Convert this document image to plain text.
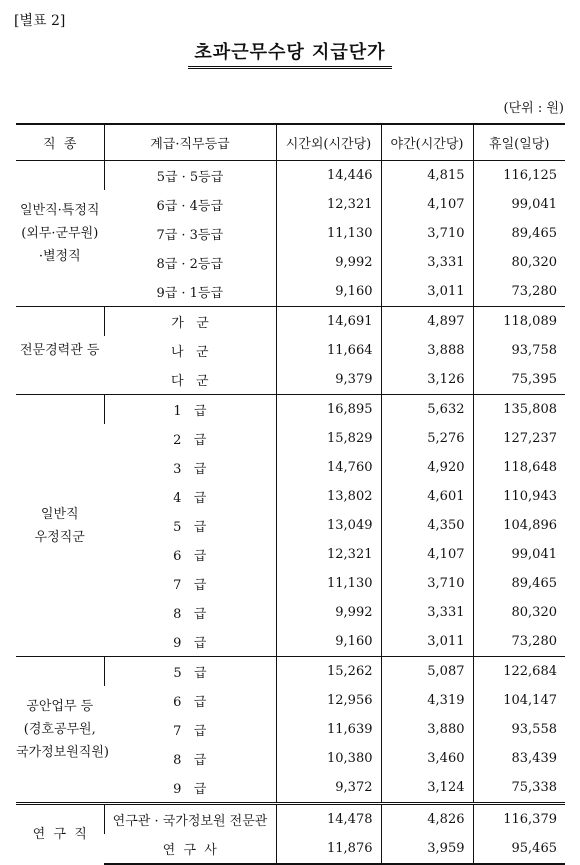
[별표 2]
초과근무수당 지급단가
(단위 : 원)
직  종	계급·직무등급	시간외(시간당)	야간(시간당)	휴일(일당)

일반직·특정직
(외무·군무원)
·별정직	5급 · 5등급	14,446	4,815	116,125
	6급 · 4등급	12,321	4,107	99,041
	7급 · 3등급	11,130	3,710	89,465
	8급 · 2등급	9,992	3,331	80,320
	9급 · 1등급	9,160	3,011	73,280

전문경력관 등	가   군	14,691	4,897	118,089
	나   군	11,664	3,888	93,758
	다   군	9,379	3,126	75,395

일반직
우정직군	1   급	16,895	5,632	135,808
	2   급	15,829	5,276	127,237
	3   급	14,760	4,920	118,648
	4   급	13,802	4,601	110,943
	5   급	13,049	4,350	104,896
	6   급	12,321	4,107	99,041
	7   급	11,130	3,710	89,465
	8   급	9,992	3,331	80,320
	9   급	9,160	3,011	73,280

공안업무 등
(경호공무원,
국가정보원직원)	5   급	15,262	5,087	122,684
	6   급	12,956	4,319	104,147
	7   급	11,639	3,880	93,558
	8   급	10,380	3,460	83,439
	9   급	9,372	3,124	75,338

연  구  직	연구관 · 국가정보원 전문관	14,478	4,826	116,379
	연  구  사	11,876	3,959	95,465
